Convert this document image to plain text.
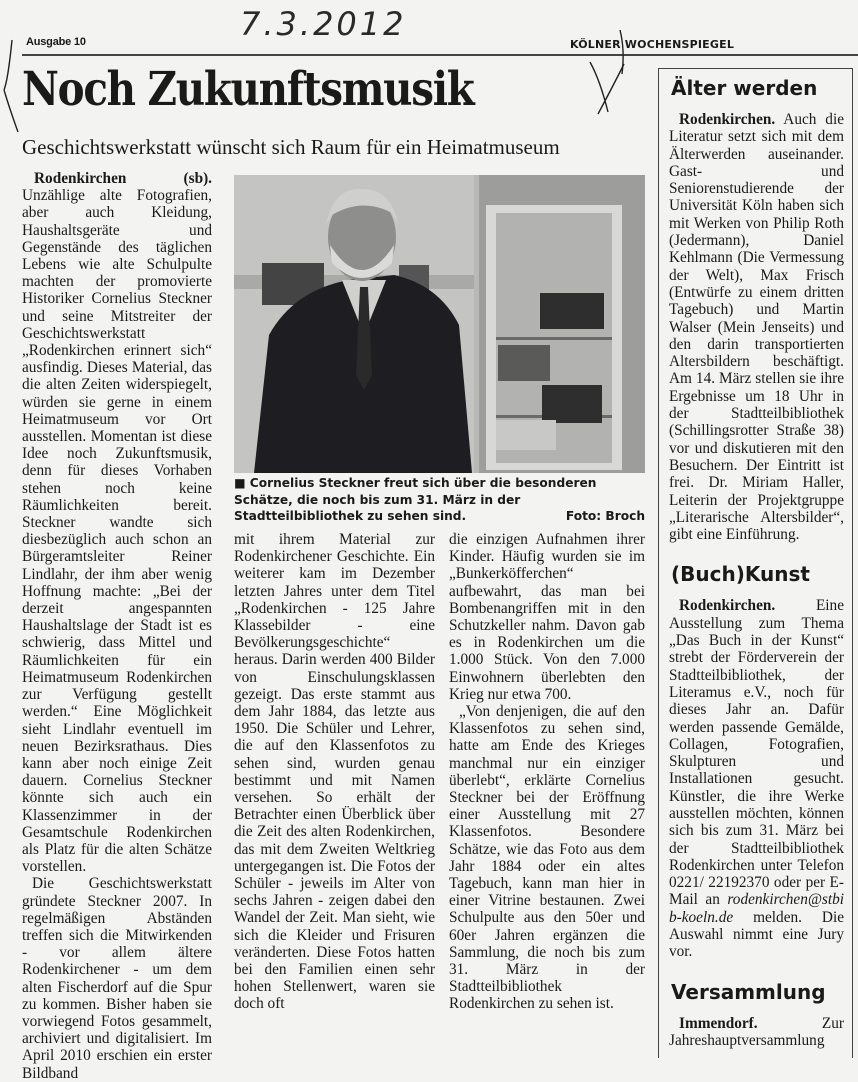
Ausgabe 10	7.3.2012
KÖLNER WOCHENSPIEGEL
Noch Zukunftsmusik
Geschichtswerkstatt wünscht sich Raum für ein Heimatmuseum

Rodenkirchen (sb). Unzählige alte Fotografien, aber auch Kleidung, Haushaltsgeräte und Gegenstände des täglichen Lebens wie alte Schulpulte machten der promovierte Historiker Cornelius Steckner und seine Mitstreiter der Geschichtswerkstatt „Rodenkirchen erinnert sich“ ausfindig. Dieses Material, das die alten Zeiten widerspiegelt, würden sie gerne in einem Heimatmuseum vor Ort ausstellen. Momentan ist diese Idee noch Zukunftsmusik, denn für dieses Vorhaben stehen noch keine Räumlichkeiten bereit. Steckner wandte sich diesbezüglich auch schon an Bürgeramtsleiter Reiner Lindlahr, der ihm aber wenig Hoffnung machte: „Bei der derzeit angespannten Haushaltslage der Stadt ist es schwierig, dass Mittel und Räumlichkeiten für ein Heimatmuseum Rodenkirchen zur Verfügung gestellt werden.“ Eine Möglichkeit sieht Lindlahr eventuell im neuen Bezirksrathaus. Dies kann aber noch einige Zeit dauern. Cornelius Steckner könnte sich auch ein Klassenzimmer in der Gesamtschule Rodenkirchen als Platz für die alten Schätze vorstellen.

Die Geschichtswerkstatt gründete Steckner 2007. In regelmäßigen Abständen treffen sich die Mitwirkenden - vor allem ältere Rodenkirchener - um dem alten Fischerdorf auf die Spur zu kommen. Bisher haben sie vorwiegend Fotos gesammelt, archiviert und digitalisiert. Im April 2010 erschien ein erster Bildband

■ Cornelius Steckner freut sich über die besonderen Schätze, die noch bis zum 31. März in der Stadtteilbibliothek zu sehen sind.	Foto: Broch

mit ihrem Material zur Rodenkirchener Geschichte. Ein weiterer kam im Dezember letzten Jahres unter dem Titel „Rodenkirchen - 125 Jahre Klassebilder - eine Bevölkerungsgeschichte“ heraus. Darin werden 400 Bilder von Einschulungsklassen gezeigt. Das erste stammt aus dem Jahr 1884, das letzte aus 1950. Die Schüler und Lehrer, die auf den Klassenfotos zu sehen sind, wurden genau bestimmt und mit Namen versehen. So erhält der Betrachter einen Überblick über die Zeit des alten Rodenkirchen, das mit dem Zweiten Weltkrieg untergegangen ist. Die Fotos der Schüler - jeweils im Alter von sechs Jahren - zeigen dabei den Wandel der Zeit. Man sieht, wie sich die Kleider und Frisuren veränderten. Diese Fotos hatten bei den Familien einen sehr hohen Stellenwert, waren sie doch oft

die einzigen Aufnahmen ihrer Kinder. Häufig wurden sie im „Bunkerköfferchen“ aufbewahrt, das man bei Bombenangriffen mit in den Schutzkeller nahm. Davon gab es in Rodenkirchen um die 1.000 Stück. Von den 7.000 Einwohnern überlebten den Krieg nur etwa 700.

„Von denjenigen, die auf den Klassenfotos zu sehen sind, hatte am Ende des Krieges manchmal nur ein einziger überlebt“, erklärte Cornelius Steckner bei der Eröffnung einer Ausstellung mit 27 Klassenfotos. Besondere Schätze, wie das Foto aus dem Jahr 1884 oder ein altes Tagebuch, kann man hier in einer Vitrine bestaunen. Zwei Schulpulte aus den 50er und 60er Jahren ergänzen die Sammlung, die noch bis zum 31. März in der Stadtteilbibliothek Rodenkirchen zu sehen ist.

Älter werden

Rodenkirchen. Auch die Literatur setzt sich mit dem Älterwerden auseinander. Gast- und Seniorenstudierende der Universität Köln haben sich mit Werken von Philip Roth (Jedermann), Daniel Kehlmann (Die Vermessung der Welt), Max Frisch (Entwürfe zu einem dritten Tagebuch) und Martin Walser (Mein Jenseits) und den darin transportierten Altersbildern beschäftigt. Am 14. März stellen sie ihre Ergebnisse um 18 Uhr in der Stadtteilbibliothek (Schillingsrotter Straße 38) vor und diskutieren mit den Besuchern. Der Eintritt ist frei. Dr. Miriam Haller, Leiterin der Projektgruppe „Literarische Altersbilder“, gibt eine Einführung.

(Buch)Kunst

Rodenkirchen.	Eine Ausstellung zum Thema „Das Buch in der Kunst“ strebt der Förderverein der Stadtteilbibliothek, der Literamus e.V., noch für dieses Jahr an. Dafür werden passende Gemälde, Collagen, Fotografien, Skulpturen und Installationen gesucht. Künstler, die ihre Werke ausstellen möchten, können sich bis zum 31. März bei der Stadtteilbibliothek Rodenkirchen unter Telefon 0221/ 22192370 oder per E-Mail an rodenkirchen@stbib-koeln.de melden. Die Auswahl nimmt eine Jury vor.

Versammlung

Immendorf.	Zur Jahreshauptversammlung
